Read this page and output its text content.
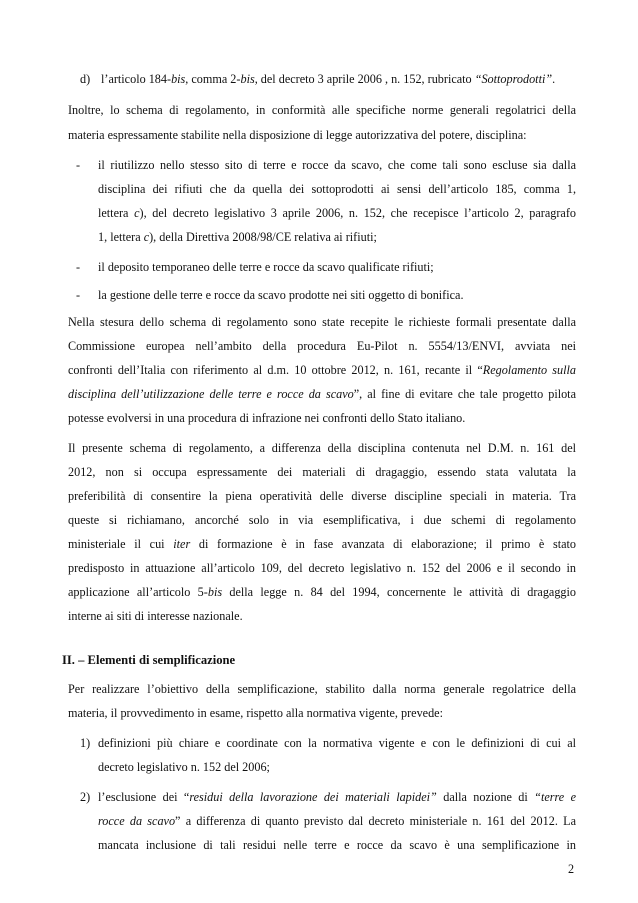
d) l’articolo 184-bis, comma 2-bis, del decreto 3 aprile 2006 , n. 152, rubricato “Sottoprodotti”.
Inoltre, lo schema di regolamento, in conformità alle specifiche norme generali regolatrici della
materia espressamente stabilite nella disposizione di legge autorizzativa del potere, disciplina:
- il riutilizzo nello stesso sito di terre e rocce da scavo, che come tali sono escluse sia dalla
disciplina dei rifiuti che da quella dei sottoprodotti ai sensi dell’articolo 185, comma 1,
lettera c), del decreto legislativo 3 aprile 2006, n. 152, che recepisce l’articolo 2, paragrafo
1, lettera c), della Direttiva 2008/98/CE relativa ai rifiuti;
- il deposito temporaneo delle terre e rocce da scavo qualificate rifiuti;
- la gestione delle terre e rocce da scavo prodotte nei siti oggetto di bonifica.
Nella stesura dello schema di regolamento sono state recepite le richieste formali presentate dalla
Commissione europea nell’ambito della procedura Eu-Pilot n. 5554/13/ENVI, avviata nei
confronti dell’Italia con riferimento al d.m. 10 ottobre 2012, n. 161, recante il “Regolamento sulla
disciplina dell’utilizzazione delle terre e rocce da scavo”, al fine di evitare che tale progetto pilota
potesse evolversi in una procedura di infrazione nei confronti dello Stato italiano.
Il presente schema di regolamento, a differenza della disciplina contenuta nel D.M. n. 161 del
2012, non si occupa espressamente dei materiali di dragaggio, essendo stata valutata la
preferibilità di consentire la piena operatività delle diverse discipline speciali in materia. Tra
queste si richiamano, ancorché solo in via esemplificativa, i due schemi di regolamento
ministeriale il cui iter di formazione è in fase avanzata di elaborazione; il primo è stato
predisposto in attuazione all’articolo 109, del decreto legislativo n. 152 del 2006 e il secondo in
applicazione all’articolo 5-bis della legge n. 84 del 1994, concernente le attività di dragaggio
interne ai siti di interesse nazionale.
II. – Elementi di semplificazione
Per realizzare l’obiettivo della semplificazione, stabilito dalla norma generale regolatrice della
materia, il provvedimento in esame, rispetto alla normativa vigente, prevede:
1) definizioni più chiare e coordinate con la normativa vigente e con le definizioni di cui al
decreto legislativo n. 152 del 2006;
2) l’esclusione dei “residui della lavorazione dei materiali lapidei” dalla nozione di “terre e
rocce da scavo” a differenza di quanto previsto dal decreto ministeriale n. 161 del 2012. La
mancata inclusione di tali residui nelle terre e rocce da scavo è una semplificazione in
2
